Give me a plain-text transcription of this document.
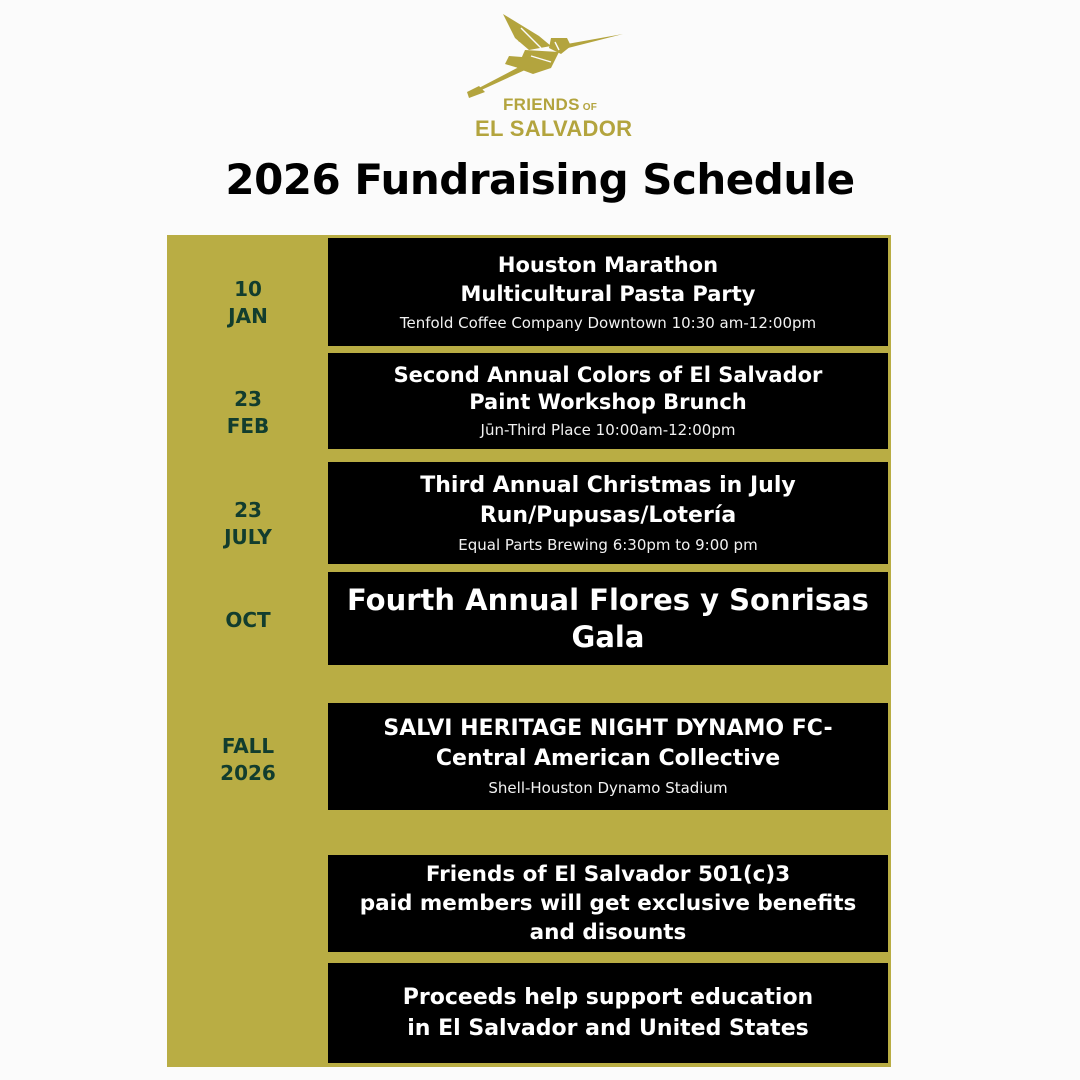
FRIENDS OF
EL SALVADOR
2026 Fundraising Schedule
10
JAN
Houston Marathon
Multicultural Pasta Party
Tenfold Coffee Company Downtown 10:30 am-12:00pm
23
FEB
Second Annual Colors of El Salvador
Paint Workshop Brunch
Jūn-Third Place 10:00am-12:00pm
23
JULY
Third Annual Christmas in July
Run/Pupusas/Lotería
Equal Parts Brewing 6:30pm to 9:00 pm
OCT
Fourth Annual Flores y Sonrisas
Gala
FALL
2026
SALVI HERITAGE NIGHT DYNAMO FC-
Central American Collective
Shell-Houston Dynamo Stadium
Friends of El Salvador 501(c)3
paid members will get exclusive benefits
and disounts
Proceeds help support education
in El Salvador and United States
